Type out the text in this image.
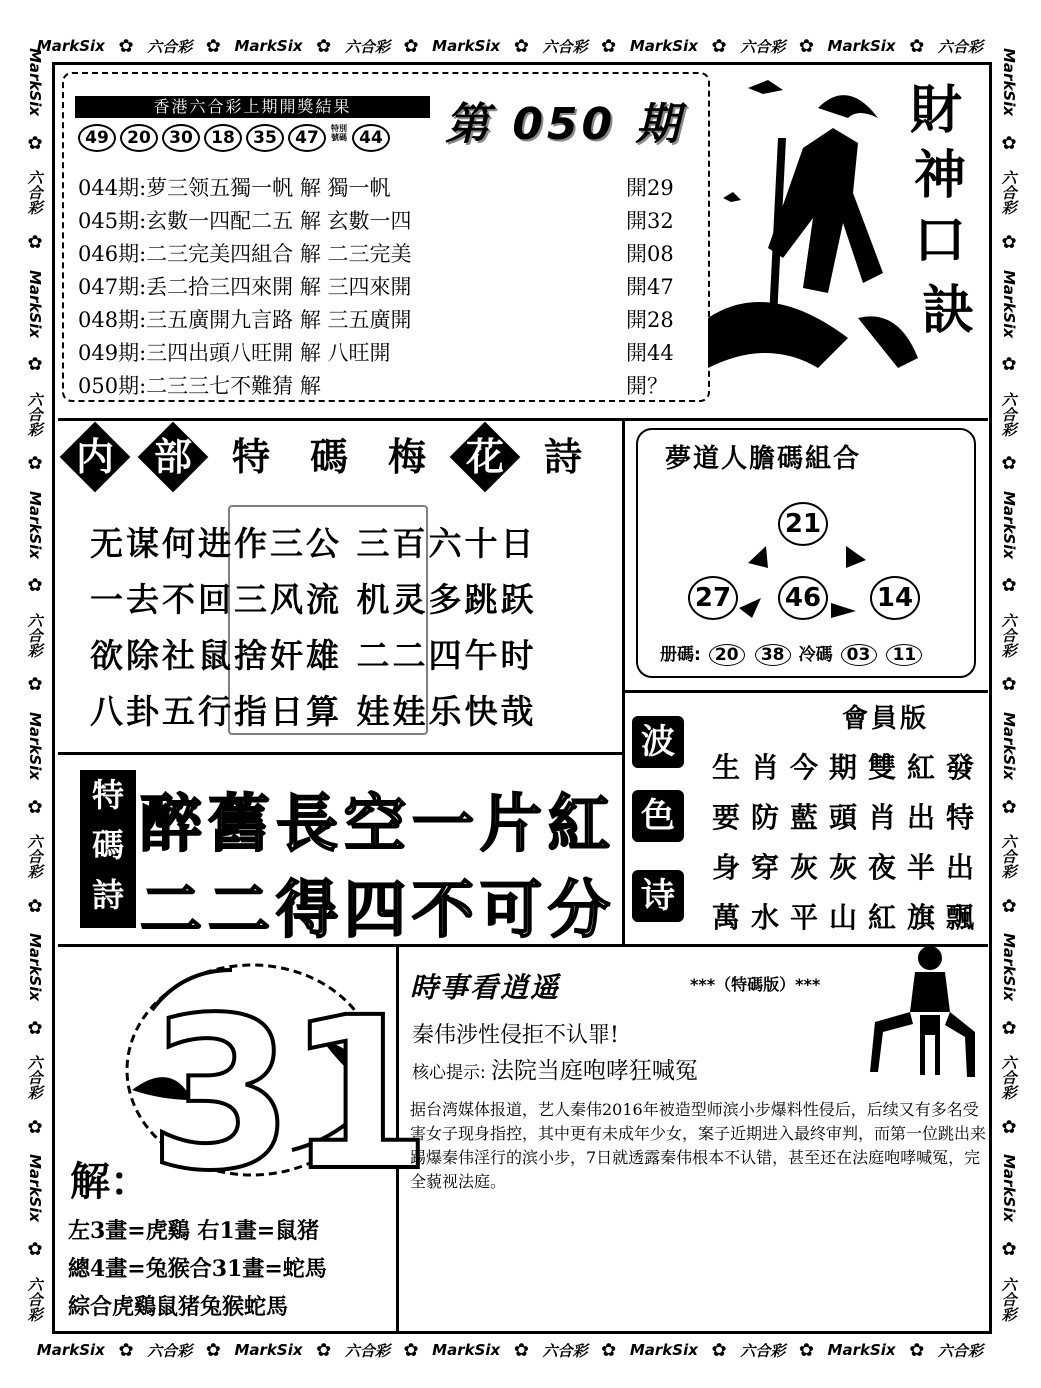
MarkSix ✿ 六合彩 ✿ MarkSix ✿ 六合彩 ✿ MarkSix ✿ 六合彩 ✿ MarkSix ✿ 六合彩 ✿ MarkSix ✿ 六合彩
MarkSix ✿ 六合彩 ✿ MarkSix ✿ 六合彩 ✿ MarkSix ✿ 六合彩 ✿ MarkSix ✿ 六合彩 ✿ MarkSix ✿ 六合彩
MarkSix
✿
六合彩
✿
MarkSix
✿
六合彩
✿
MarkSix
✿
六合彩
✿
MarkSix
✿
六合彩
✿
MarkSix
✿
六合彩
✿
MarkSix
✿
六合彩
MarkSix
✿
六合彩
✿
MarkSix
✿
六合彩
✿
MarkSix
✿
六合彩
✿
MarkSix
✿
六合彩
✿
MarkSix
✿
六合彩
✿
MarkSix
✿
六合彩
香港六合彩上期開獎結果
49	20	30	18	35	47	特別號碼 44 第 050 期
044期:萝三领五獨一帆 解 獨一帆	開29
045期:玄數一四配二五 解 玄數一四	開32
046期:二三完美四組合 解 二三完美	開08
047期:丢二拾三四來開 解 三四來開	開47
048期:三五廣開九言路 解 三五廣開	開28
049期:三四出頭八旺開 解 八旺開	開44
050期:二三三七不難猜 解	開？
財
神
口
訣
内	部	特 碼 梅	花	詩
无谋何进作三公 三百六十日
一去不回三风流 机灵多跳跃
欲除社鼠捨奸雄 二二四午时
八卦五行指日算 娃娃乐快哉
特
碼
詩
醉舊長空一片紅
二二得四不可分
夢道人膽碼組合
21
27 46 14
册碼: 20 38 冷碼 03 11
會員版
波
色
诗
生肖今期雙紅發
要防藍頭肖出特
身穿灰灰夜半出
萬水平山紅旗飄
31
解：
左3畫=虎鷄 右1畫=鼠猪
總4畫=兔猴合31畫=蛇馬
綜合虎鷄鼠猪兔猴蛇馬
時事看逍遥	***（特碼版）***
秦伟涉性侵拒不认罪!
核心提示: 法院当庭咆哮狂喊冤
据台湾媒体报道，艺人秦伟2016年被造型师滨小步爆料性侵后，后续又有多名受害女子现身指控，其中更有未成年少女，案子近期进入最终审判，而第一位跳出来踢爆秦伟淫行的滨小步，7日就透露秦伟根本不认错，甚至还在法庭咆哮喊冤，完全藐视法庭。
